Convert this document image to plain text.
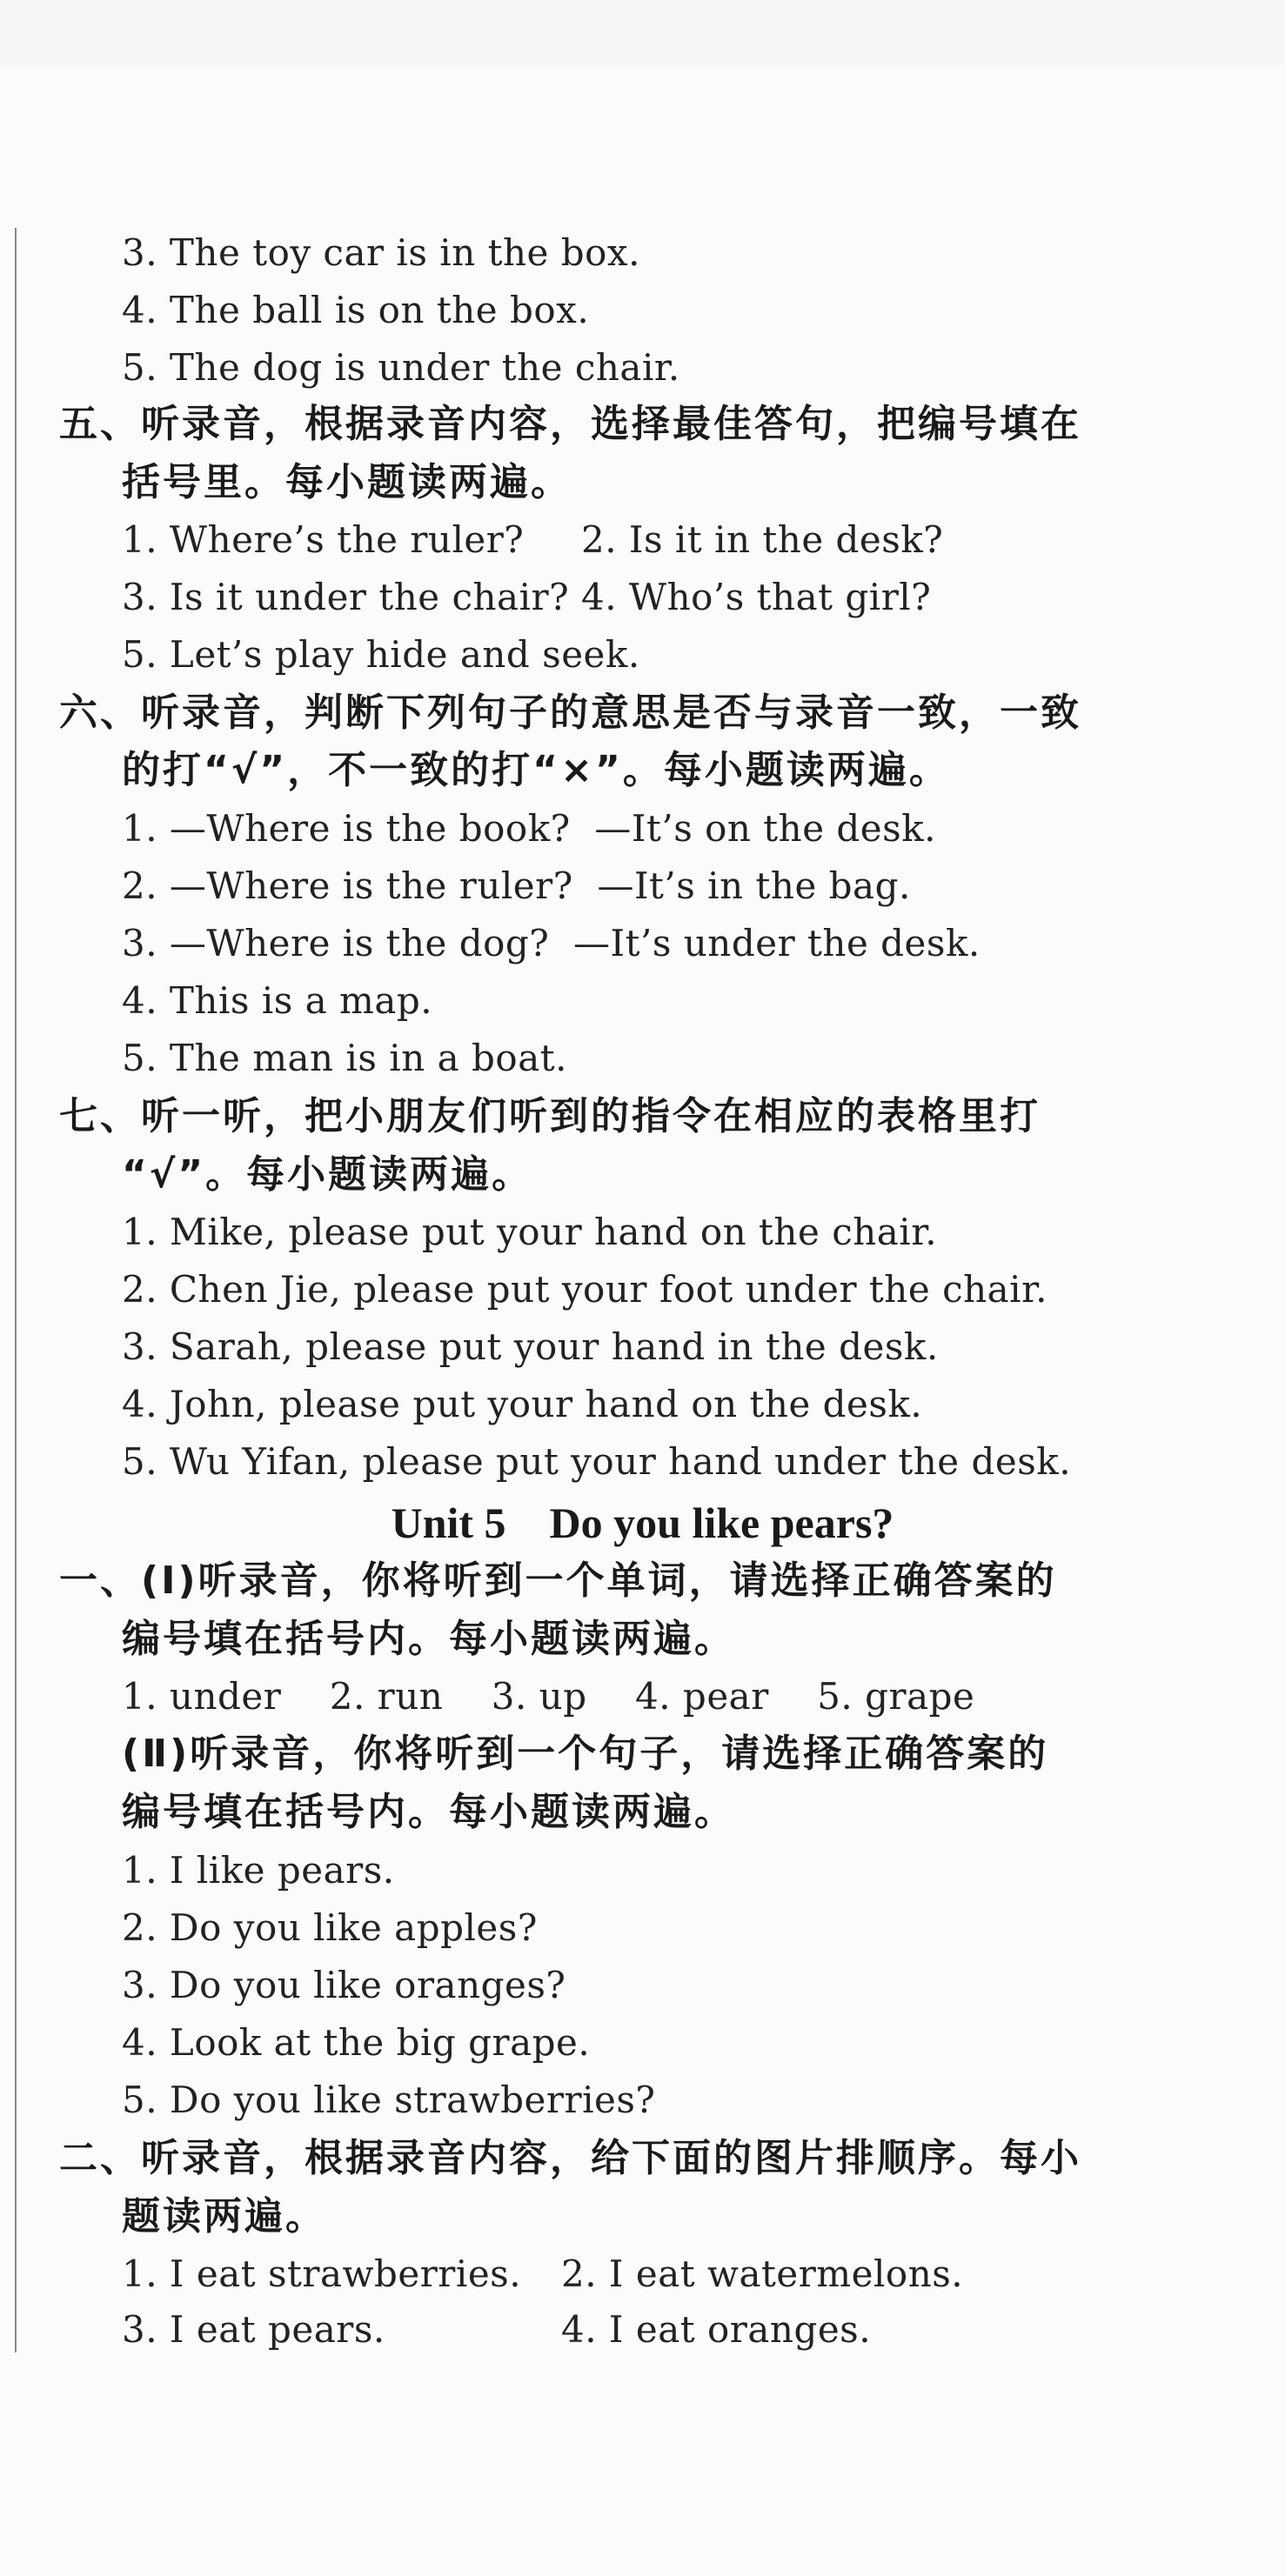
3. The toy car is in the box.
4. The ball is on the box.
5. The dog is under the chair.
五、听录音，根据录音内容，选择最佳答句，把编号填在
括号里。每小题读两遍。
1. Where’s the ruler? 2. Is it in the desk?
3. Is it under the chair? 4. Who’s that girl?
5. Let’s play hide and seek.
六、听录音，判断下列句子的意思是否与录音一致，一致
的打“√”，不一致的打“×”。每小题读两遍。
1. —Where is the book?  —It’s on the desk.
2. —Where is the ruler?  —It’s in the bag.
3. —Where is the dog?  —It’s under the desk.
4. This is a map.
5. The man is in a boat.
七、听一听，把小朋友们听到的指令在相应的表格里打
“√”。每小题读两遍。
1. Mike, please put your hand on the chair.
2. Chen Jie, please put your foot under the chair.
3. Sarah, please put your hand in the desk.
4. John, please put your hand on the desk.
5. Wu Yifan, please put your hand under the desk.
Unit 5    Do you like pears?
一、(Ⅰ)听录音，你将听到一个单词，请选择正确答案的
编号填在括号内。每小题读两遍。
1. under    2. run    3. up    4. pear    5. grape
(Ⅱ)听录音，你将听到一个句子，请选择正确答案的
编号填在括号内。每小题读两遍。
1. I like pears.
2. Do you like apples?
3. Do you like oranges?
4. Look at the big grape.
5. Do you like strawberries?
二、听录音，根据录音内容，给下面的图片排顺序。每小
题读两遍。
1. I eat strawberries. 2. I eat watermelons.
3. I eat pears.	4. I eat oranges.
